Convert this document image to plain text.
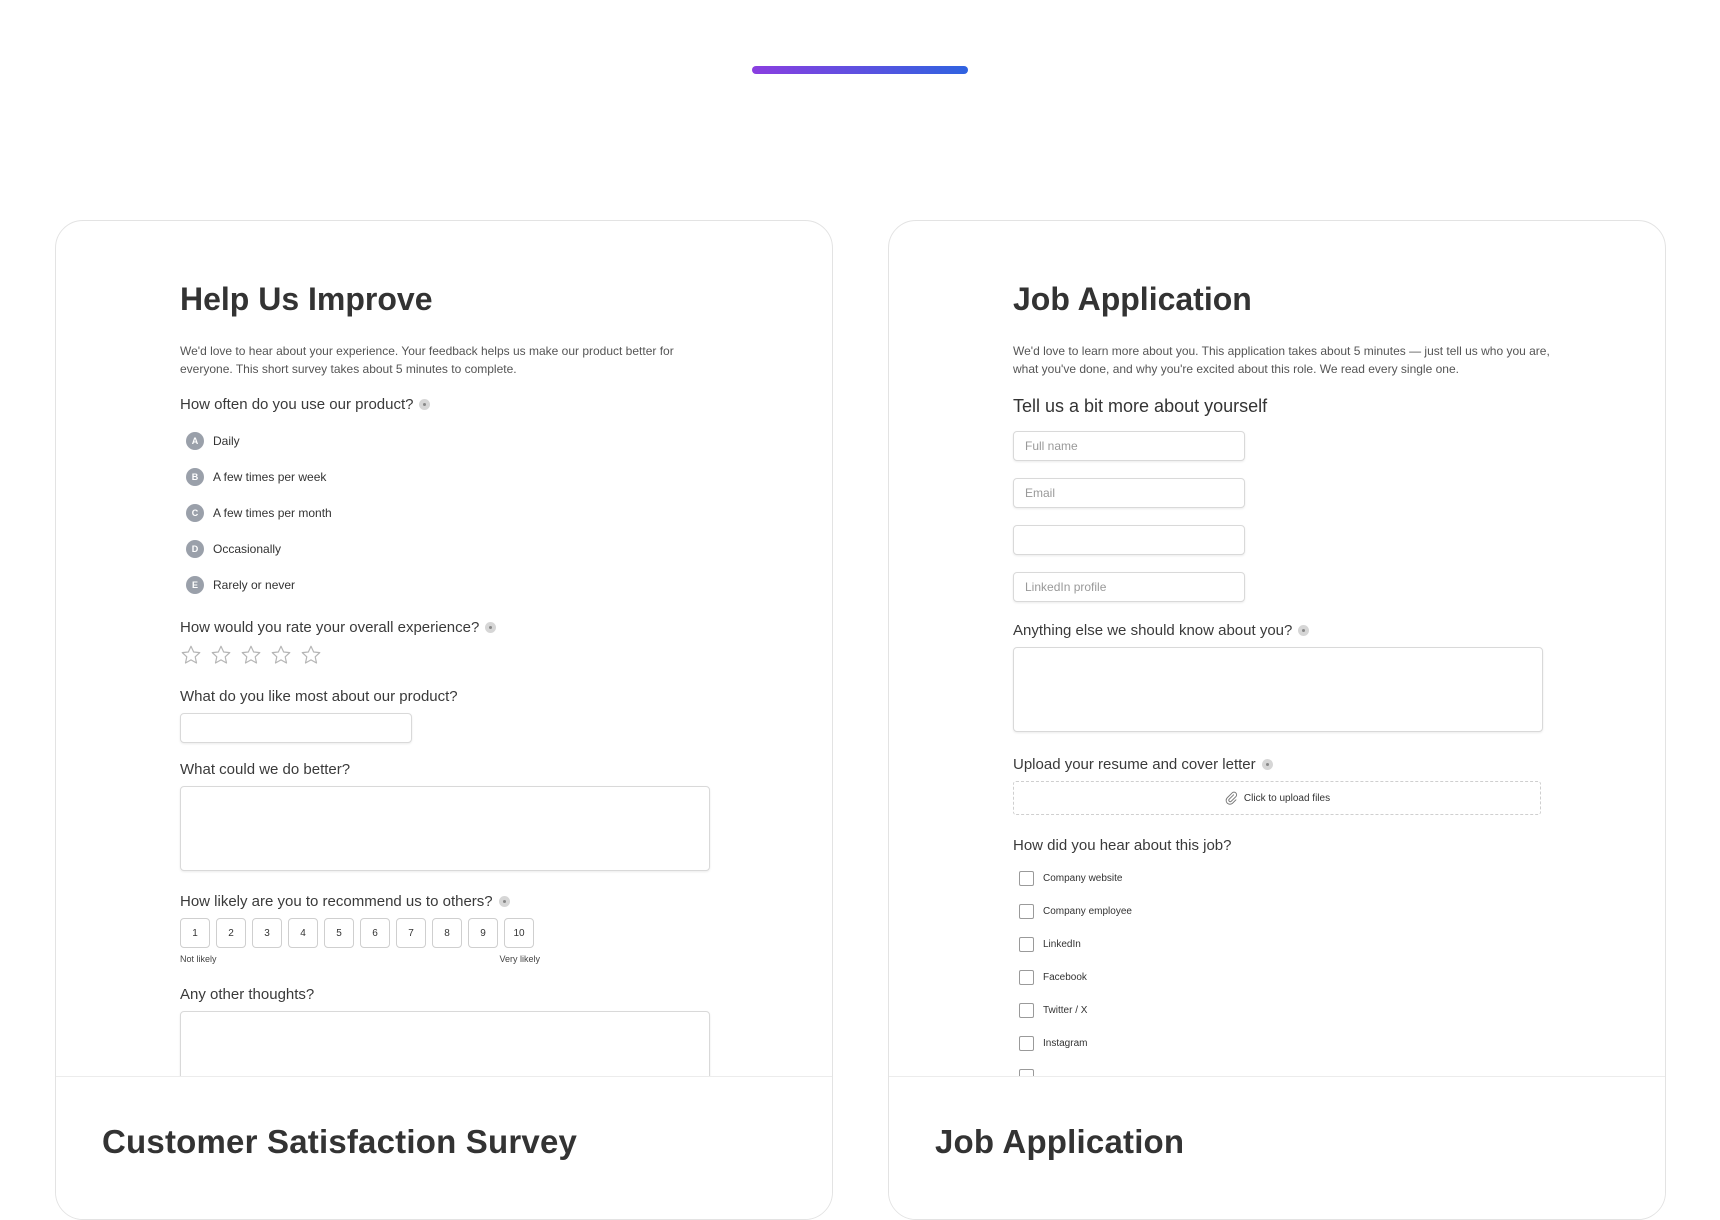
Help Us Improve
We'd love to hear about your experience. Your feedback helps us make our product better for everyone. This short survey takes about 5 minutes to complete.
How often do you use our product?
A	Daily
B	A few times per week
C	A few times per month
D	Occasionally
E	Rarely or never
How would you rate your overall experience?
What do you like most about our product?
What could we do better?
How likely are you to recommend us to others?
1	2	3	4	5	6	7	8	9	10
Not likely	Very likely
Any other thoughts?
Customer Satisfaction Survey
Job Application
We'd love to learn more about you. This application takes about 5 minutes — just tell us who you are, what you've done, and why you're excited about this role. We read every single one.
Tell us a bit more about yourself
Full name
Email
LinkedIn profile
Anything else we should know about you?
Upload your resume and cover letter
Click to upload files
How did you hear about this job?
Company website
Company employee
LinkedIn
Facebook
Twitter / X
Instagram
Job Application
